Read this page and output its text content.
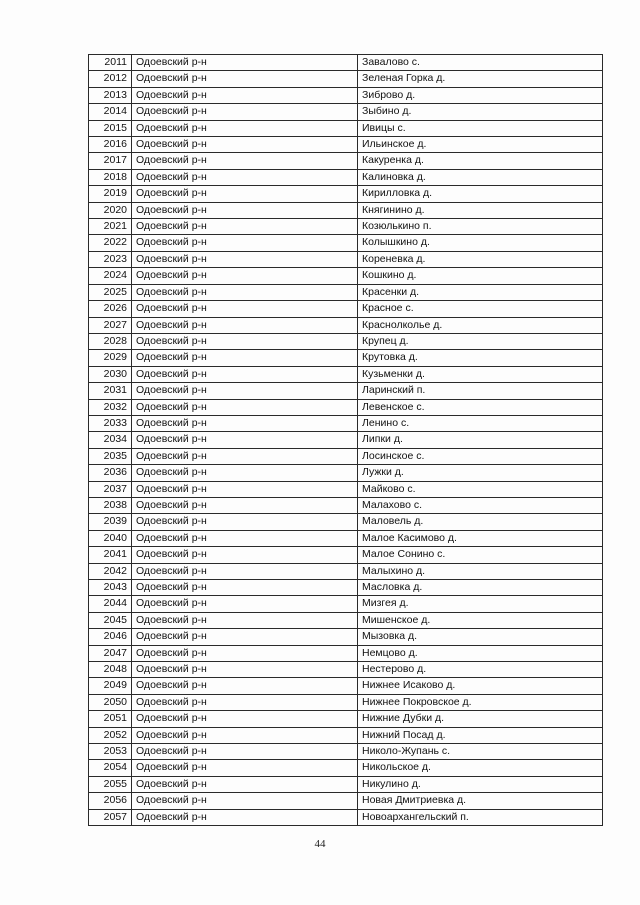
2011	Одоевский р-н	Завалово с.
2012	Одоевский р-н	Зеленая Горка д.
2013	Одоевский р-н	Зиброво д.
2014	Одоевский р-н	Зыбино д.
2015	Одоевский р-н	Ивицы с.
2016	Одоевский р-н	Ильинское д.
2017	Одоевский р-н	Какуренка д.
2018	Одоевский р-н	Калиновка д.
2019	Одоевский р-н	Кирилловка д.
2020	Одоевский р-н	Княгинино д.
2021	Одоевский р-н	Козюлькино п.
2022	Одоевский р-н	Колышкино д.
2023	Одоевский р-н	Кореневка д.
2024	Одоевский р-н	Кошкино д.
2025	Одоевский р-н	Красенки д.
2026	Одоевский р-н	Красное с.
2027	Одоевский р-н	Краснолколье д.
2028	Одоевский р-н	Крупец д.
2029	Одоевский р-н	Крутовка д.
2030	Одоевский р-н	Кузьменки д.
2031	Одоевский р-н	Ларинский п.
2032	Одоевский р-н	Левенское с.
2033	Одоевский р-н	Ленино с.
2034	Одоевский р-н	Липки д.
2035	Одоевский р-н	Лосинское с.
2036	Одоевский р-н	Лужки д.
2037	Одоевский р-н	Майково с.
2038	Одоевский р-н	Малахово с.
2039	Одоевский р-н	Маловель д.
2040	Одоевский р-н	Малое Касимово д.
2041	Одоевский р-н	Малое Сонино с.
2042	Одоевский р-н	Малыхино д.
2043	Одоевский р-н	Масловка д.
2044	Одоевский р-н	Мизгея д.
2045	Одоевский р-н	Мишенское д.
2046	Одоевский р-н	Мызовка д.
2047	Одоевский р-н	Немцово д.
2048	Одоевский р-н	Нестерово д.
2049	Одоевский р-н	Нижнее Исаково д.
2050	Одоевский р-н	Нижнее Покровское д.
2051	Одоевский р-н	Нижние Дубки д.
2052	Одоевский р-н	Нижний Посад д.
2053	Одоевский р-н	Николо-Жупань с.
2054	Одоевский р-н	Никольское д.
2055	Одоевский р-н	Никулино д.
2056	Одоевский р-н	Новая Дмитриевка д.
2057	Одоевский р-н	Новоархангельский п.
44
